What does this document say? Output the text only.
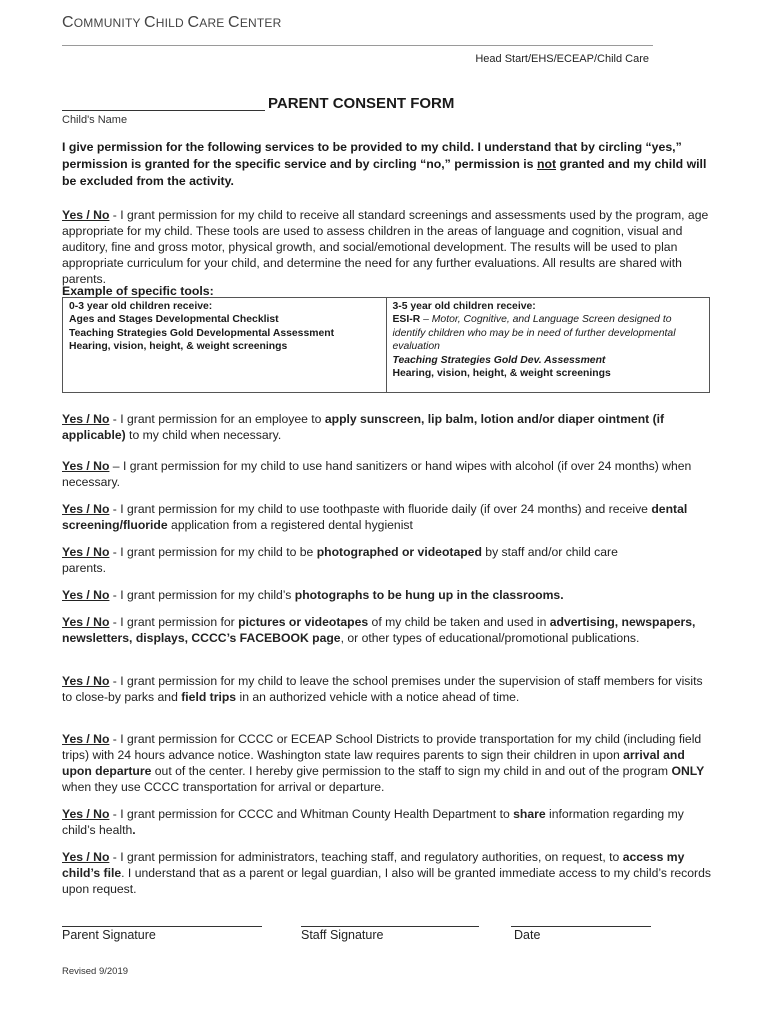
COMMUNITY CHILD CARE CENTER
Head Start/EHS/ECEAP/Child Care
PARENT CONSENT FORM
Child's Name
I give permission for the following services to be provided to my child. I understand that by circling “yes,” permission is granted for the specific service and by circling “no,” permission is not granted and my child will be excluded from the activity.
Yes / No - I grant permission for my child to receive all standard screenings and assessments used by the program, age appropriate for my child. These tools are used to assess children in the areas of language and cognition, visual and auditory, fine and gross motor, physical growth, and social/emotional development. The results will be used to plan appropriate curriculum for your child, and determine the need for any further evaluations. All results are shared with parents.
Example of specific tools:
0-3 year old children receive:
Ages and Stages Developmental Checklist
Teaching Strategies Gold Developmental Assessment
Hearing, vision, height, & weight screenings

3-5 year old children receive:
ESI-R – Motor, Cognitive, and Language Screen designed to identify children who may be in need of further developmental evaluation
Teaching Strategies Gold Dev. Assessment
Hearing, vision, height, & weight screenings
Yes / No - I grant permission for an employee to apply sunscreen, lip balm, lotion and/or diaper ointment (if applicable) to my child when necessary.
Yes / No – I grant permission for my child to use hand sanitizers or hand wipes with alcohol (if over 24 months) when necessary.
Yes / No - I grant permission for my child to use toothpaste with fluoride daily (if over 24 months) and receive dental screening/fluoride application from a registered dental hygienist
Yes / No - I grant permission for my child to be photographed or videotaped by staff and/or child care parents.
Yes / No - I grant permission for my child’s photographs to be hung up in the classrooms.
Yes / No - I grant permission for pictures or videotapes of my child be taken and used in advertising, newspapers, newsletters, displays, CCCC’s FACEBOOK page, or other types of educational/promotional publications.
Yes / No - I grant permission for my child to leave the school premises under the supervision of staff members for visits to close-by parks and field trips in an authorized vehicle with a notice ahead of time.
Yes / No - I grant permission for CCCC or ECEAP School Districts to provide transportation for my child (including field trips) with 24 hours advance notice. Washington state law requires parents to sign their children in upon arrival and upon departure out of the center. I hereby give permission to the staff to sign my child in and out of the program ONLY when they use CCCC transportation for arrival or departure.
Yes / No - I grant permission for CCCC and Whitman County Health Department to share information regarding my child’s health.
Yes / No - I grant permission for administrators, teaching staff, and regulatory authorities, on request, to access my child’s file. I understand that as a parent or legal guardian, I also will be granted immediate access to my child’s records upon request.
Parent Signature	Staff Signature	Date
Revised 9/2019
